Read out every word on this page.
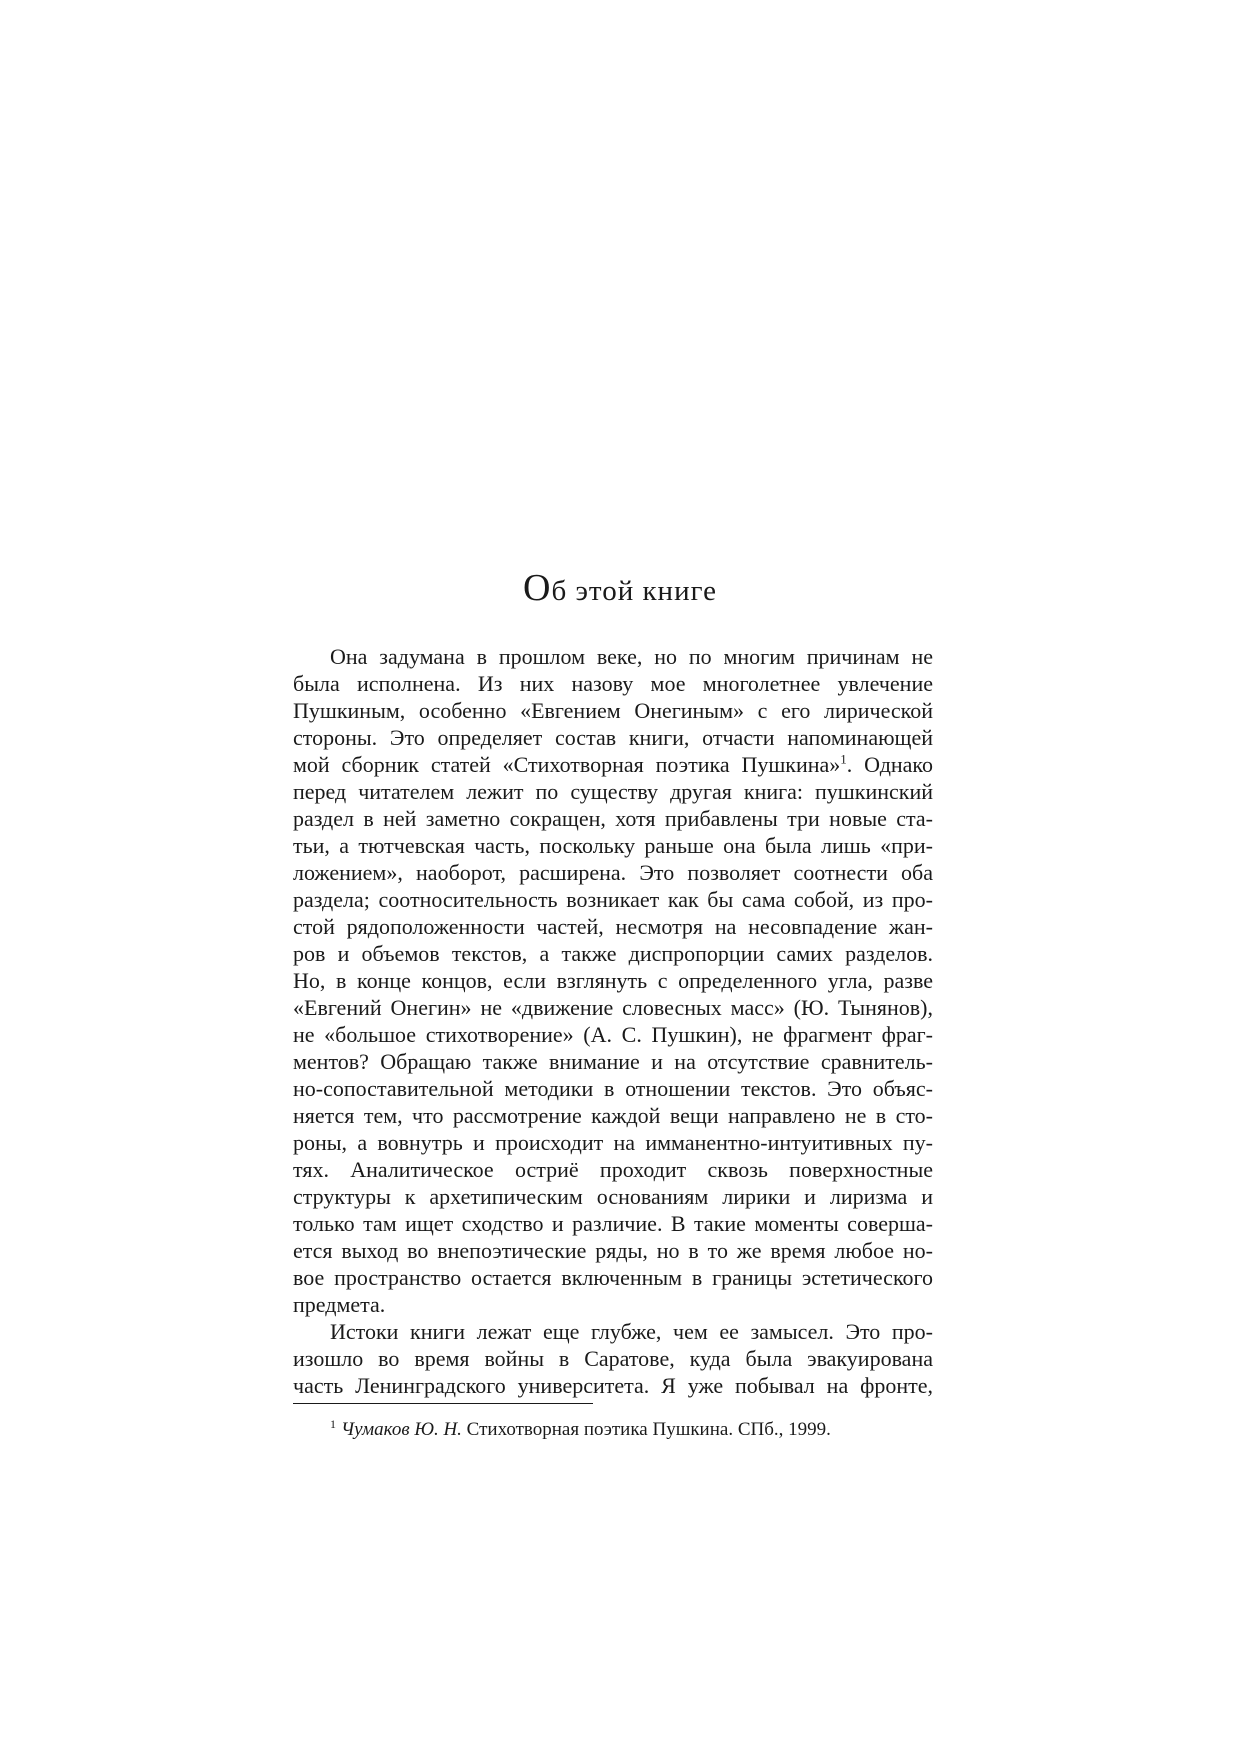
Об этой книге

Она задумана в прошлом веке, но по многим причинам не

была исполнена. Из них назову мое многолетнее увлечение

Пушкиным, особенно «Евгением Онегиным» с его лирической

стороны. Это определяет состав книги, отчасти напоминающей

мой сборник статей «Стихотворная поэтика Пушкина»$^1$. Однако

перед читателем лежит по существу другая книга: пушкинский

раздел в ней заметно сокращен, хотя прибавлены три новые ста-

тьи, а тютчевская часть, поскольку раньше она была лишь «при-

ложением», наоборот, расширена. Это позволяет соотнести оба

раздела; соотносительность возникает как бы сама собой, из про-

стой рядоположенности частей, несмотря на несовпадение жан-

ров и объемов текстов, а также диспропорции самих разделов.

Но, в конце концов, если взглянуть с определенного угла, разве

«Евгений Онегин» не «движение словесных масс» (Ю. Тынянов),

не «большое стихотворение» (А. С. Пушкин), не фрагмент фраг-

ментов? Обращаю также внимание и на отсутствие сравнитель-

но-сопоставительной методики в отношении текстов. Это объяс-

няется тем, что рассмотрение каждой вещи направлено не в сто-

роны, а вовнутрь и происходит на имманентно-интуитивных пу-

тях. Аналитическое остриё проходит сквозь поверхностные

структуры к архетипическим основаниям лирики и лиризма и

только там ищет сходство и различие. В такие моменты соверша-

ется выход во внепоэтические ряды, но в то же время любое но-

вое пространство остается включенным в границы эстетического

предмета.

Истоки книги лежат еще глубже, чем ее замысел. Это про-

изошло во время войны в Саратове, куда была эвакуирована

часть Ленинградского университета. Я уже побывал на фронте,

$^1$ Чумаков Ю. Н. Стихотворная поэтика Пушкина. СПб., 1999.
